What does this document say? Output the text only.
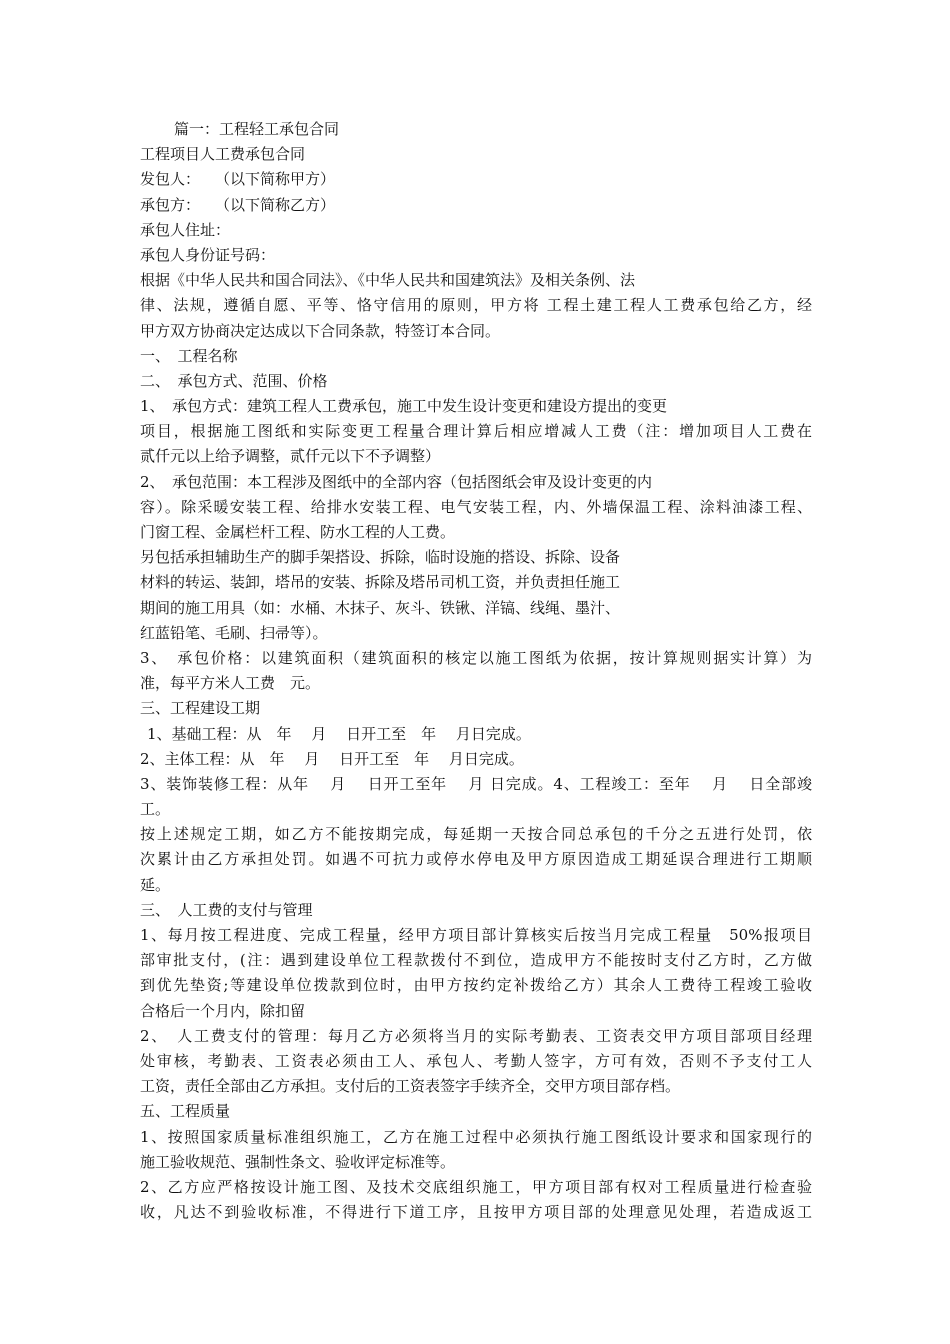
篇一：工程轻工承包合同
工程项目人工费承包合同
发包人：　　（以下简称甲方）
承包方：　　（以下简称乙方）
承包人住址：
承包人身份证号码：
根据《中华人民共和国合同法》、《中华人民共和国建筑法》及相关条例、法
律、法规，遵循自愿、平等、恪守信用的原则，甲方将 工程土建工程人工费承包给乙方，经
甲方双方协商决定达成以下合同条款，特签订本合同。
一、　工程名称
二、　承包方式、范围、价格
1、　承包方式：建筑工程人工费承包，施工中发生设计变更和建设方提出的变更
项目，根据施工图纸和实际变更工程量合理计算后相应增减人工费（注：增加项目人工费在
贰仟元以上给予调整，贰仟元以下不予调整）
2、　承包范围：本工程涉及图纸中的全部内容（包括图纸会审及设计变更的内
容）。除采暖安装工程、给排水安装工程、电气安装工程，内、外墙保温工程、涂料油漆工程、
门窗工程、金属栏杆工程、防水工程的人工费。
另包括承担辅助生产的脚手架搭设、拆除，临时设施的搭设、拆除、设备
材料的转运、装卸，塔吊的安装、拆除及塔吊司机工资，并负责担任施工
期间的施工用具（如：水桶、木抹子、灰斗、铁锹、洋镐、线绳、墨汁、
红蓝铅笔、毛刷、扫帚等）。
3、　承包价格：以建筑面积（建筑面积的核定以施工图纸为依据，按计算规则据实计算）为
准，每平方米人工费　元。
三、工程建设工期
1、基础工程：从　年　 月　 日开工至　年　 月日完成。
2、主体工程：从　年　 月　 日开工至　年　 月日完成。
3、装饰装修工程：从年　 月　 日开工至年　 月 日完成。4、工程竣工：至年　 月　 日全部竣
工。
按上述规定工期，如乙方不能按期完成，每延期一天按合同总承包的千分之五进行处罚，依
次累计由乙方承担处罚。如遇不可抗力或停水停电及甲方原因造成工期延误合理进行工期顺
延。
三、　人工费的支付与管理
1、每月按工程进度、完成工程量，经甲方项目部计算核实后按当月完成工程量　50%报项目
部审批支付，(注：遇到建设单位工程款拨付不到位，造成甲方不能按时支付乙方时，乙方做
到优先垫资;等建设单位拨款到位时，由甲方按约定补拨给乙方）其余人工费待工程竣工验收
合格后一个月内，除扣留
2、　人工费支付的管理：每月乙方必须将当月的实际考勤表、工资表交甲方项目部项目经理
处审核，考勤表、工资表必须由工人、承包人、考勤人签字，方可有效，否则不予支付工人
工资，责任全部由乙方承担。支付后的工资表签字手续齐全，交甲方项目部存档。
五、工程质量
1、按照国家质量标准组织施工，乙方在施工过程中必须执行施工图纸设计要求和国家现行的
施工验收规范、强制性条文、验收评定标准等。
2、乙方应严格按设计施工图、及技术交底组织施工，甲方项目部有权对工程质量进行检查验
收，凡达不到验收标准，不得进行下道工序，且按甲方项目部的处理意见处理，若造成返工
